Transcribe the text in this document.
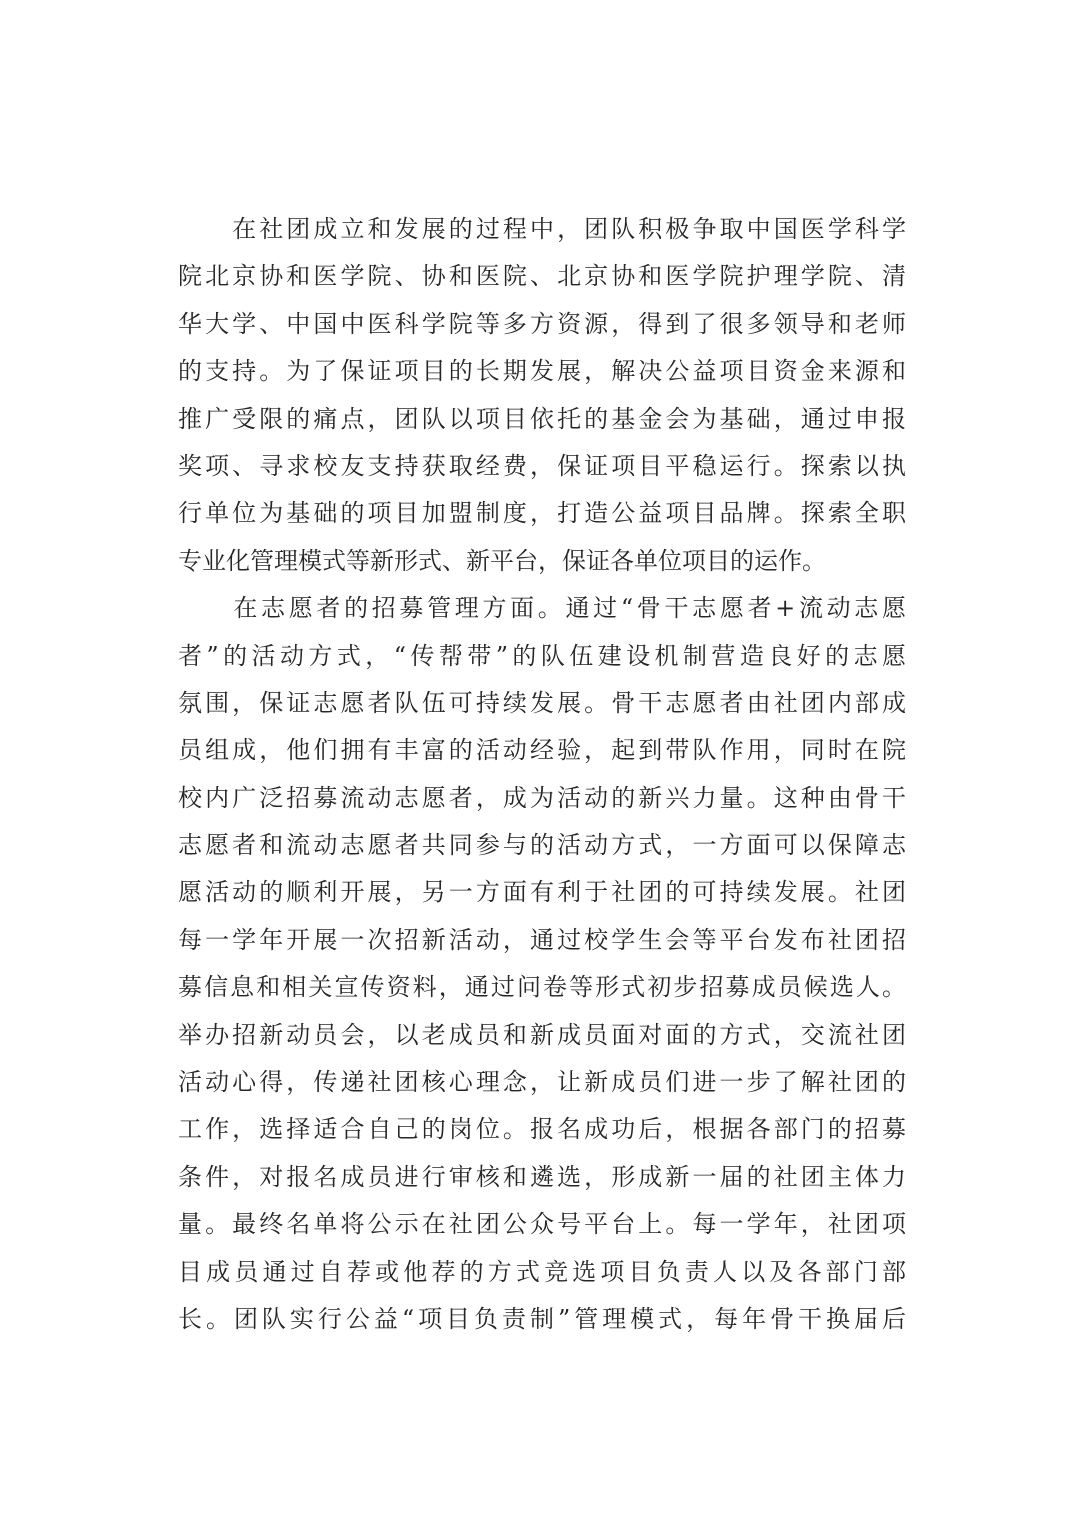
　　在社团成立和发展的过程中，团队积极争取中国医学科学
院北京协和医学院、协和医院、北京协和医学院护理学院、清
华大学、中国中医科学院等多方资源，得到了很多领导和老师
的支持。为了保证项目的长期发展，解决公益项目资金来源和
推广受限的痛点，团队以项目依托的基金会为基础，通过申报
奖项、寻求校友支持获取经费，保证项目平稳运行。探索以执
行单位为基础的项目加盟制度，打造公益项目品牌。探索全职
专业化管理模式等新形式、新平台，保证各单位项目的运作。
　　在志愿者的招募管理方面。通过“骨干志愿者+流动志愿
者”的活动方式，“传帮带”的队伍建设机制营造良好的志愿
氛围，保证志愿者队伍可持续发展。骨干志愿者由社团内部成
员组成，他们拥有丰富的活动经验，起到带队作用，同时在院
校内广泛招募流动志愿者，成为活动的新兴力量。这种由骨干
志愿者和流动志愿者共同参与的活动方式，一方面可以保障志
愿活动的顺利开展，另一方面有利于社团的可持续发展。社团
每一学年开展一次招新活动，通过校学生会等平台发布社团招
募信息和相关宣传资料，通过问卷等形式初步招募成员候选人。
举办招新动员会，以老成员和新成员面对面的方式，交流社团
活动心得，传递社团核心理念，让新成员们进一步了解社团的
工作，选择适合自己的岗位。报名成功后，根据各部门的招募
条件，对报名成员进行审核和遴选，形成新一届的社团主体力
量。最终名单将公示在社团公众号平台上。每一学年，社团项
目成员通过自荐或他荐的方式竞选项目负责人以及各部门部
长。团队实行公益“项目负责制”管理模式，每年骨干换届后
